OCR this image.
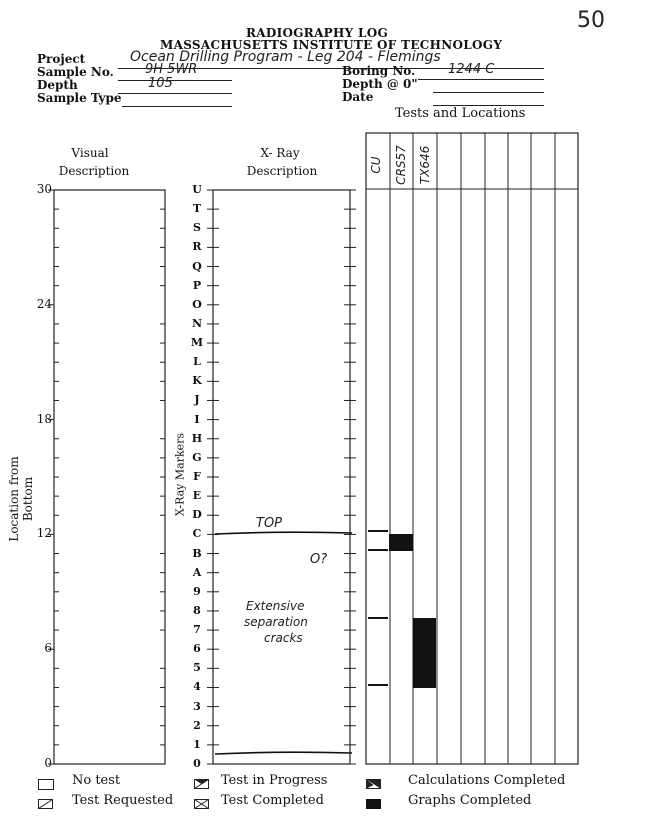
50
RADIOGRAPHY LOG
MASSACHUSETTS INSTITUTE OF TECHNOLOGY
Project	Ocean Drilling Program - Leg 204 - Flemings
Sample No. 9H 5WR
Depth	105
Sample Type
Boring No.	1244 C
Depth @ 0"
Date
Tests and Locations
Visual
Description
X- Ray
Description
Location from Bottom	X-Ray Markers
30
24
18
12
6
0
U
T
S
R
Q
P
O
N
M
L
K
J
I
H
G
F
E
D
C
B
A
9
8
7
6
5
4
3
2
1
0
CU CRS57 TX646
TOP
O?
Extensive
separation
cracks
No test
Test Requested
Test in Progress
Test Completed
Calculations Completed
Graphs Completed
